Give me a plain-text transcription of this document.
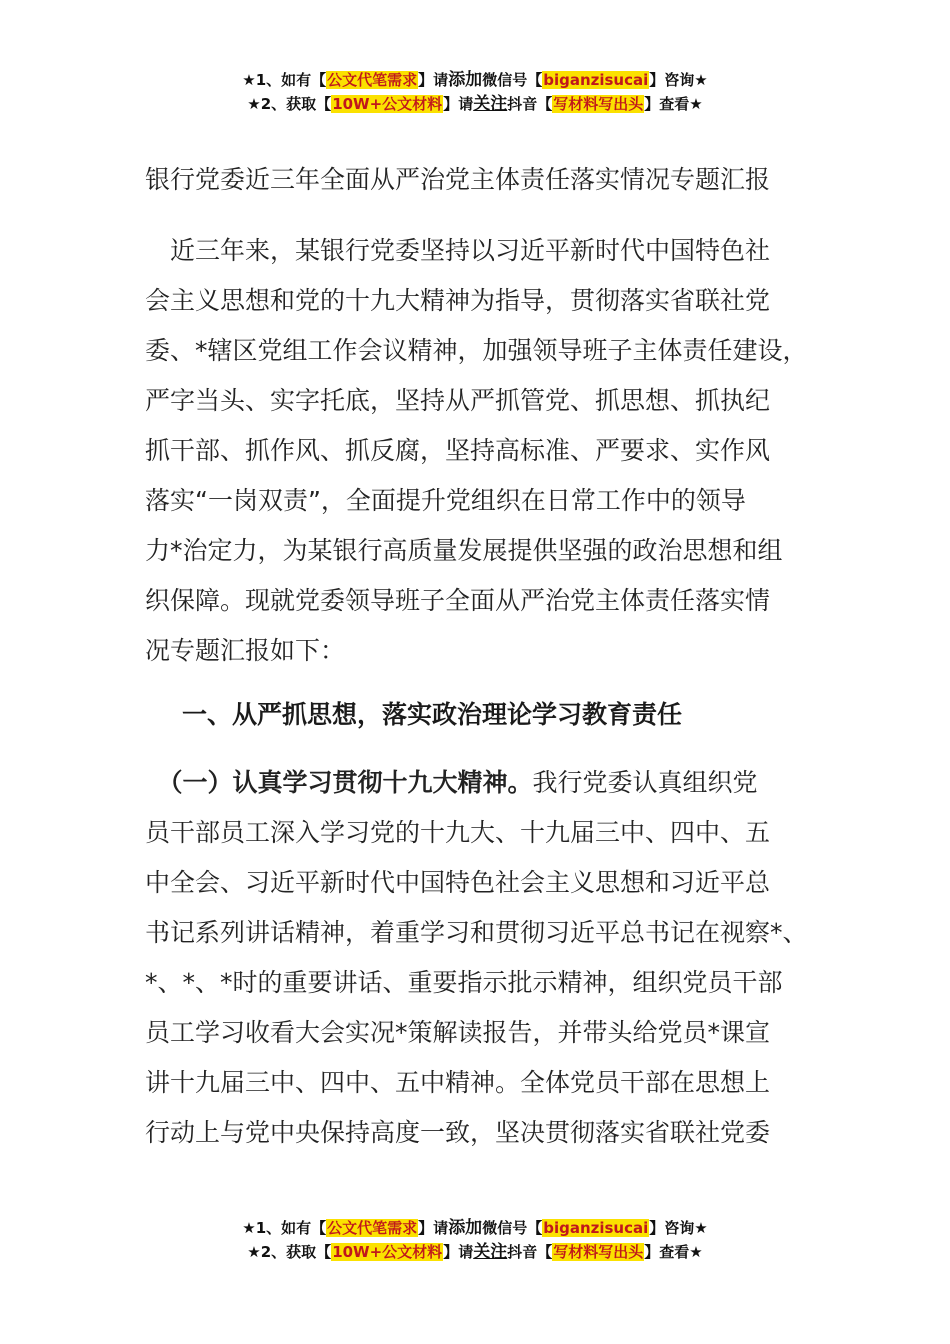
★1、如有【公文代笔需求】请添加微信号【biganzisucai】咨询★
★2、获取【10W+公文材料】请关注抖音【写材料写出头】查看★
银行党委近三年全面从严治党主体责任落实情况专题汇报
　近三年来，某银行党委坚持以习近平新时代中国特色社
会主义思想和党的十九大精神为指导，贯彻落实省联社党
委、*辖区党组工作会议精神，加强领导班子主体责任建设，
严字当头、实字托底，坚持从严抓管党、抓思想、抓执纪
抓干部、抓作风、抓反腐，坚持高标准、严要求、实作风
落实“一岗双责”，全面提升党组织在日常工作中的领导
力*治定力，为某银行高质量发展提供坚强的政治思想和组
织保障。现就党委领导班子全面从严治党主体责任落实情
况专题汇报如下：
一、从严抓思想，落实政治理论学习教育责任
　（一）认真学习贯彻十九大精神。我行党委认真组织党
员干部员工深入学习党的十九大、十九届三中、四中、五
中全会、习近平新时代中国特色社会主义思想和习近平总
书记系列讲话精神，着重学习和贯彻习近平总书记在视察*、
*、*、*时的重要讲话、重要指示批示精神，组织党员干部
员工学习收看大会实况*策解读报告，并带头给党员*课宣
讲十九届三中、四中、五中精神。全体党员干部在思想上
行动上与党中央保持高度一致，坚决贯彻落实省联社党委
★1、如有【公文代笔需求】请添加微信号【biganzisucai】咨询★
★2、获取【10W+公文材料】请关注抖音【写材料写出头】查看★
